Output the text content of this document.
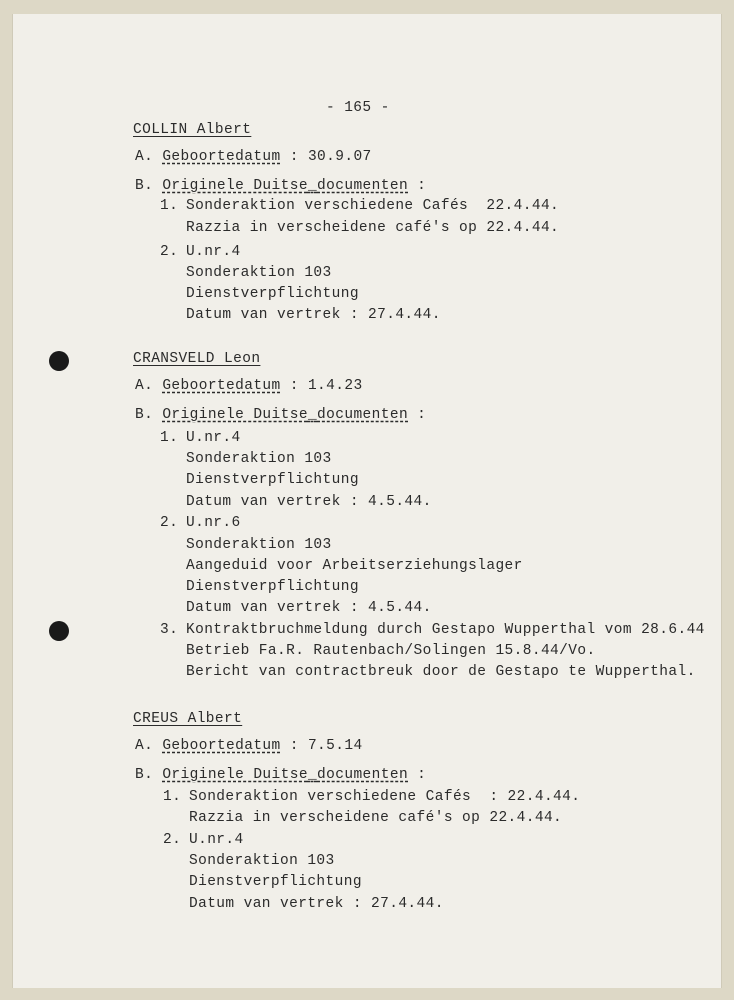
- 165 -
COLLIN Albert
A. Geboortedatum : 30.9.07
B. Originele Duitse_documenten :
1. Sonderaktion verschiedene Cafés  22.4.44.
Razzia in verscheidene café's op 22.4.44.
2. U.nr.4
Sonderaktion 103
Dienstverpflichtung
Datum van vertrek : 27.4.44.
CRANSVELD Leon
A. Geboortedatum : 1.4.23
B. Originele Duitse_documenten :
1. U.nr.4
Sonderaktion 103
Dienstverpflichtung
Datum van vertrek : 4.5.44.
2. U.nr.6
Sonderaktion 103
Aangeduid voor Arbeitserziehungslager
Dienstverpflichtung
Datum van vertrek : 4.5.44.
3. Kontraktbruchmeldung durch Gestapo Wupperthal vom 28.6.44
Betrieb Fa.R. Rautenbach/Solingen 15.8.44/Vo.
Bericht van contractbreuk door de Gestapo te Wupperthal.
CREUS Albert
A. Geboortedatum : 7.5.14
B. Originele Duitse_documenten :
1. Sonderaktion verschiedene Cafés  : 22.4.44.
Razzia in verscheidene café's op 22.4.44.
2. U.nr.4
Sonderaktion 103
Dienstverpflichtung
Datum van vertrek : 27.4.44.
